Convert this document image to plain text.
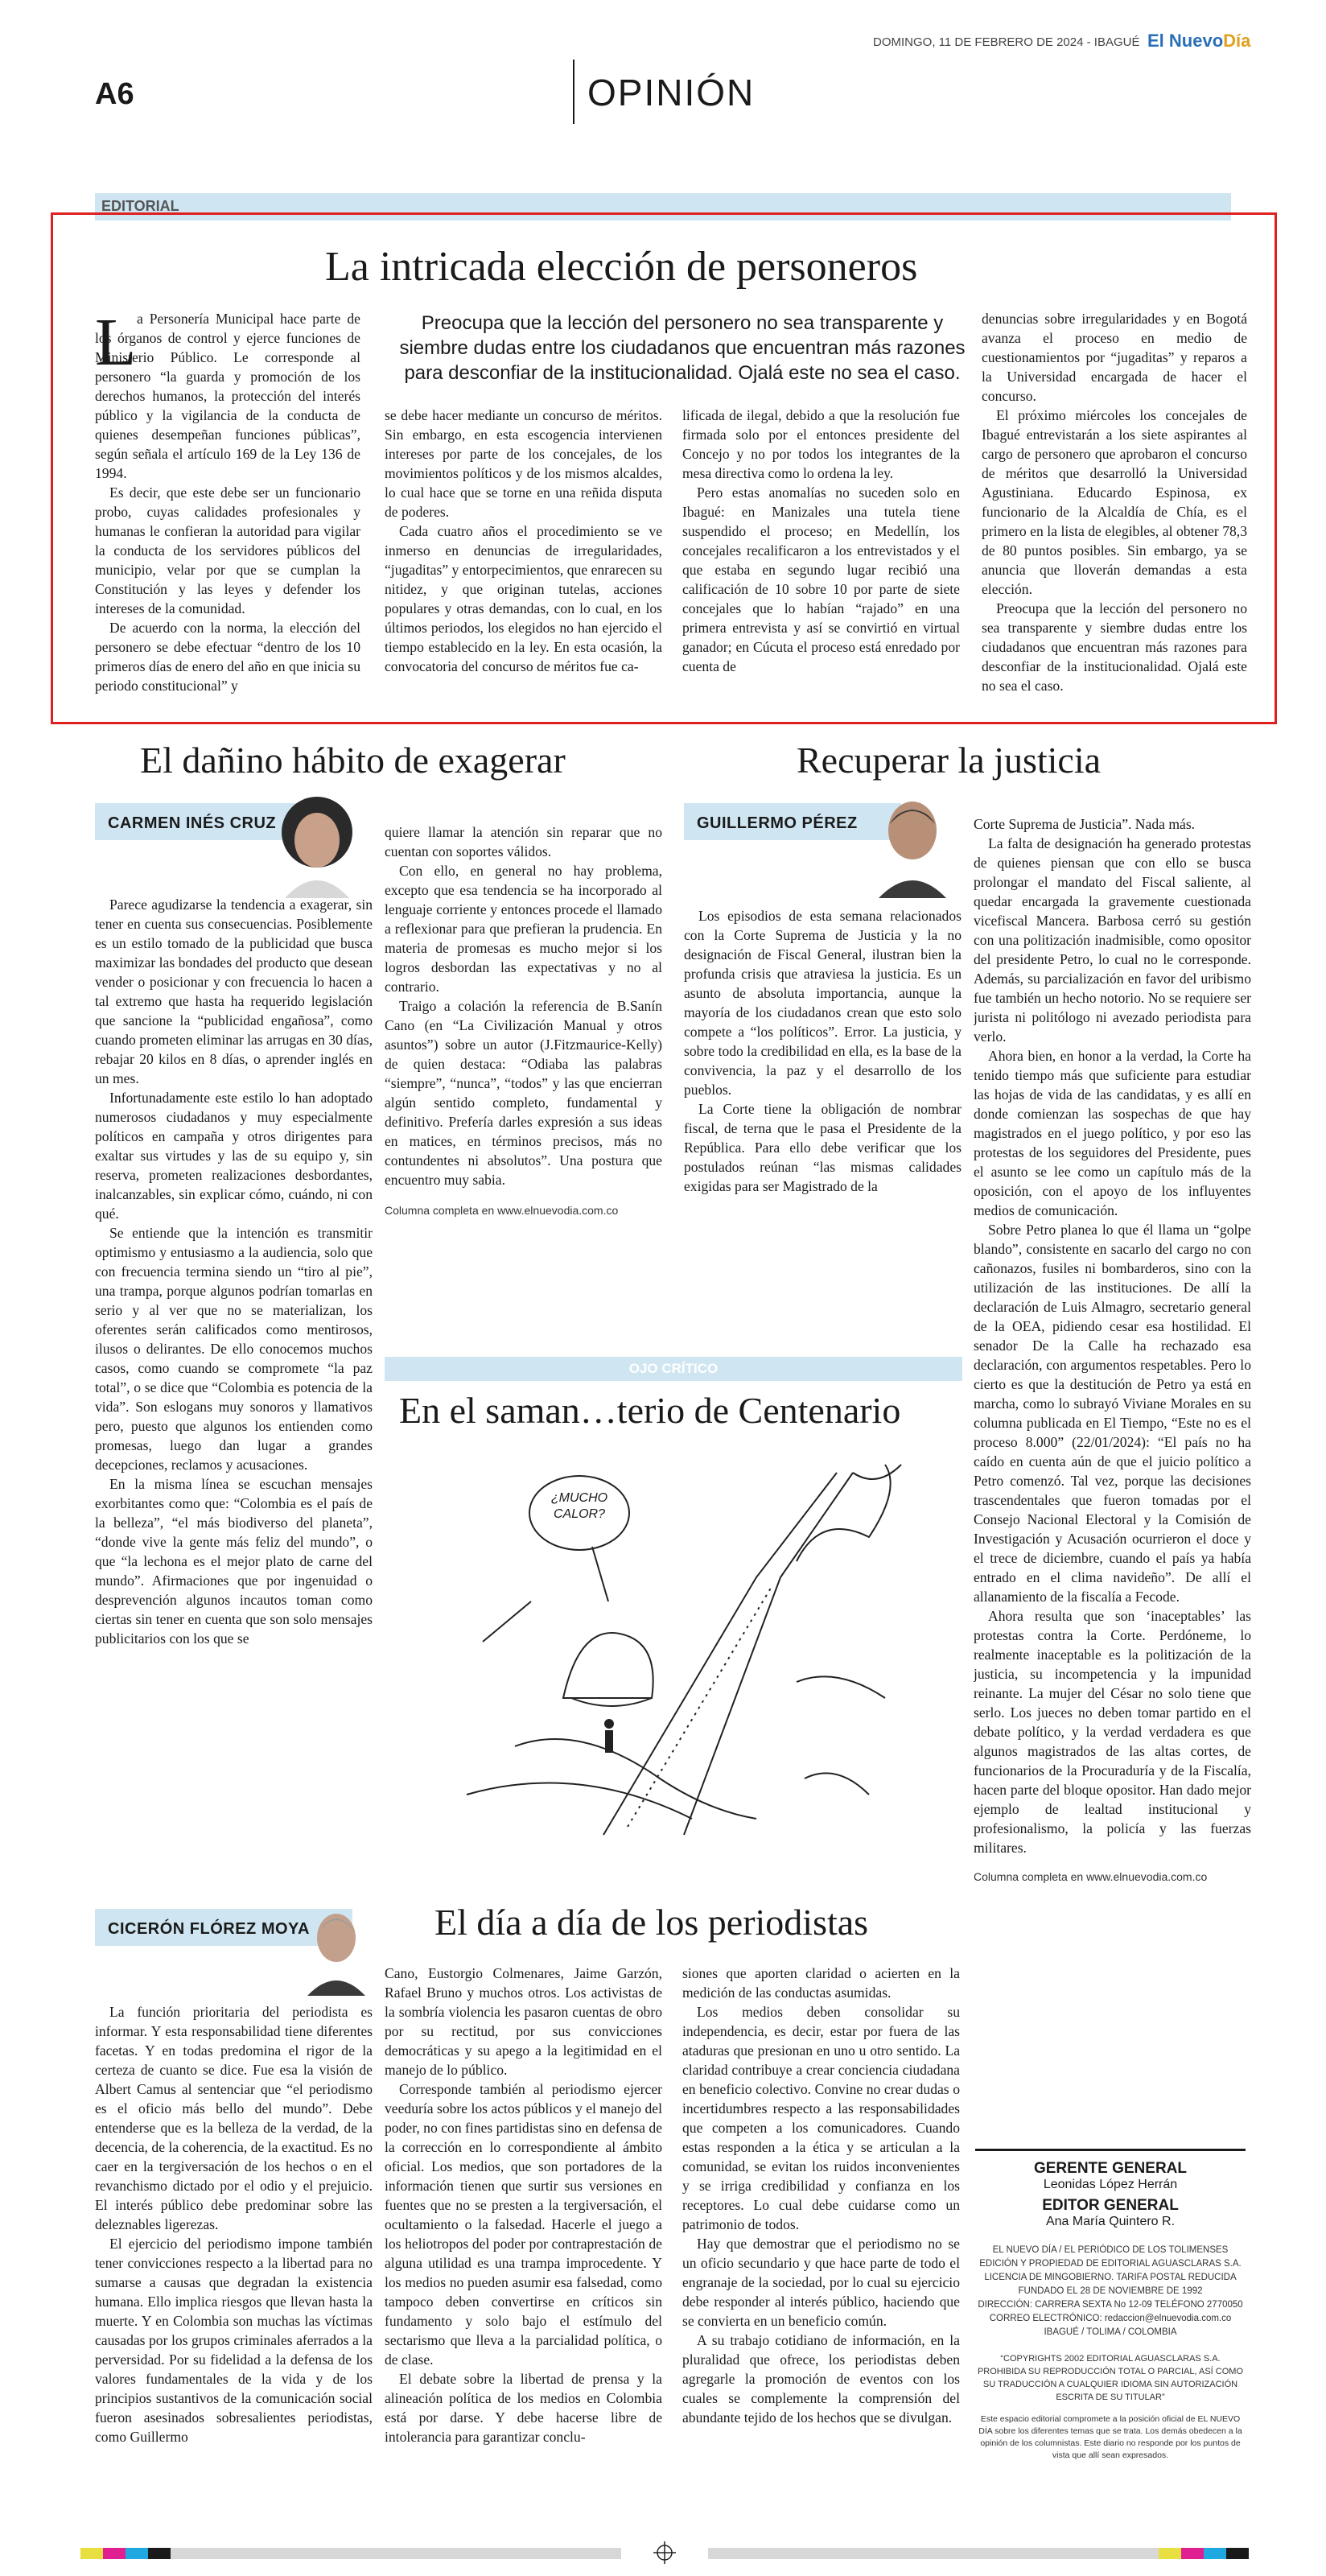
DOMINGO, 11 DE FEBRERO DE 2024 - IBAGUÉ El NuevoDía
A6	OPINIÓN
EDITORIAL
La intricada elección de personeros
L a Personería Municipal hace parte de los órganos de control y ejerce funciones de Ministerio Público. Le corresponde al personero “la guarda y promoción de los derechos humanos, la protección del interés público y la vigilancia de la conducta de quienes desempeñan funciones públicas”, según señala el artículo 169 de la Ley 136 de 1994.

Es decir, que este debe ser un funcionario probo, cuyas calidades profesionales y humanas le confieran la autoridad para vigilar la conducta de los servidores públicos del municipio, velar por que se cumplan la Constitución y las leyes y defender los intereses de la comunidad.

De acuerdo con la norma, la elección del personero se debe efectuar “dentro de los 10 primeros días de enero del año en que inicia su periodo constitucional” y

Preocupa que la lección del personero no sea transparente y siembre dudas entre los ciudadanos que encuentran más razones para desconfiar de la institucionalidad. Ojalá este no sea el caso.

se debe hacer mediante un concurso de méritos. Sin embargo, en esta escogencia intervienen intereses por parte de los concejales, de los movimientos políticos y de los mismos alcaldes, lo cual hace que se torne en una reñida disputa de poderes.

Cada cuatro años el procedimiento se ve inmerso en denuncias de irregularidades, “jugaditas” y entorpecimientos, que enrarecen su nitidez, y que originan tutelas, acciones populares y otras demandas, con lo cual, en los últimos periodos, los elegidos no han ejercido el tiempo establecido en la ley. En esta ocasión, la convocatoria del concurso de méritos fue ca-

lificada de ilegal, debido a que la resolución fue firmada solo por el entonces presidente del Concejo y no por todos los integrantes de la mesa directiva como lo ordena la ley.

Pero estas anomalías no suceden solo en Ibagué: en Manizales una tutela tiene suspendido el proceso; en Medellín, los concejales recalificaron a los entrevistados y el que estaba en segundo lugar recibió una calificación de 10 sobre 10 por parte de siete concejales que lo habían “rajado” en una primera entrevista y así se convirtió en virtual ganador; en Cúcuta el proceso está enredado por cuenta de

denuncias sobre irregularidades y en Bogotá avanza el proceso en medio de cuestionamientos por “jugaditas” y reparos a la Universidad encargada de hacer el concurso.

El próximo miércoles los concejales de Ibagué entrevistarán a los siete aspirantes al cargo de personero que aprobaron el concurso de méritos que desarrolló la Universidad Agustiniana. Educardo Espinosa, ex funcionario de la Alcaldía de Chía, es el primero en la lista de elegibles, al obtener 78,3 de 80 puntos posibles. Sin embargo, ya se anuncia que lloverán demandas a esta elección.

Preocupa que la lección del personero no sea transparente y siembre dudas entre los ciudadanos que encuentran más razones para desconfiar de la institucionalidad. Ojalá este no sea el caso.

El dañino hábito de exagerar
CARMEN INÉS CRUZ

Parece agudizarse la tendencia a exagerar, sin tener en cuenta sus consecuencias. Posiblemente es un estilo tomado de la publicidad que busca maximizar las bondades del producto que desean vender o posicionar y con frecuencia lo hacen a tal extremo que hasta ha requerido legislación que sancione la “publicidad engañosa”, como cuando prometen eliminar las arrugas en 30 días, rebajar 20 kilos en 8 días, o aprender inglés en un mes.

Infortunadamente este estilo lo han adoptado numerosos ciudadanos y muy especialmente políticos en campaña y otros dirigentes para exaltar sus virtudes y las de su equipo y, sin reserva, prometen realizaciones desbordantes, inalcanzables, sin explicar cómo, cuándo, ni con qué.

Se entiende que la intención es transmitir optimismo y entusiasmo a la audiencia, solo que con frecuencia termina siendo un “tiro al pie”, una trampa, porque algunos podrían tomarlas en serio y al ver que no se materializan, los oferentes serán calificados como mentirosos, ilusos o delirantes. De ello conocemos muchos casos, como cuando se compromete “la paz total”, o se dice que “Colombia es potencia de la vida”. Son eslogans muy sonoros y llamativos pero, puesto que algunos los entienden como promesas, luego dan lugar a grandes decepciones, reclamos y acusaciones.

En la misma línea se escuchan mensajes exorbitantes como que: “Colombia es el país de la belleza”, “el más biodiverso del planeta”, “donde vive la gente más feliz del mundo”, o que “la lechona es el mejor plato de carne del mundo”. Afirmaciones que por ingenuidad o desprevención algunos incautos toman como ciertas sin tener en cuenta que son solo mensajes publicitarios con los que se

quiere llamar la atención sin reparar que no cuentan con soportes válidos.

Con ello, en general no hay problema, excepto que esa tendencia se ha incorporado al lenguaje corriente y entonces procede el llamado a reflexionar para que prefieran la prudencia. En materia de promesas es mucho mejor si los logros desbordan las expectativas y no al contrario.

Traigo a colación la referencia de B.Sanín Cano (en “La Civilización Manual y otros asuntos”) sobre un autor (J.Fitzmaurice-Kelly) de quien destaca: “Odiaba las palabras “siempre”, “nunca”, “todos” y las que encierran algún sentido completo, fundamental y definitivo. Prefería darles expresión a sus ideas en matices, en términos precisos, más no contundentes ni absolutos”. Una postura que encuentro muy sabia.

Columna completa en www.elnuevodia.com.co

Recuperar la justicia
GUILLERMO PÉREZ

Los episodios de esta semana relacionados con la Corte Suprema de Justicia y la no designación de Fiscal General, ilustran bien la profunda crisis que atraviesa la justicia. Es un asunto de absoluta importancia, aunque la mayoría de los ciudadanos crean que esto solo compete a “los políticos”. Error. La justicia, y sobre todo la credibilidad en ella, es la base de la convivencia, la paz y el desarrollo de los pueblos.

La Corte tiene la obligación de nombrar fiscal, de terna que le pasa el Presidente de la República. Para ello debe verificar que los postulados reúnan “las mismas calidades exigidas para ser Magistrado de la

Corte Suprema de Justicia”. Nada más.

La falta de designación ha generado protestas de quienes piensan que con ello se busca prolongar el mandato del Fiscal saliente, al quedar encargada la gravemente cuestionada vicefiscal Mancera. Barbosa cerró su gestión con una politización inadmisible, como opositor del presidente Petro, lo cual no le corresponde. Además, su parcialización en favor del uribismo fue también un hecho notorio. No se requiere ser jurista ni politólogo ni avezado periodista para verlo.

Ahora bien, en honor a la verdad, la Corte ha tenido tiempo más que suficiente para estudiar las hojas de vida de las candidatas, y es allí en donde comienzan las sospechas de que hay magistrados en el juego político, y por eso las protestas de los seguidores del Presidente, pues el asunto se lee como un capítulo más de la oposición, con el apoyo de los influyentes medios de comunicación.

Sobre Petro planea lo que él llama un “golpe blando”, consistente en sacarlo del cargo no con cañonazos, fusiles ni bombarderos, sino con la utilización de las instituciones. De allí la declaración de Luis Almagro, secretario general de la OEA, pidiendo cesar esa hostilidad. El senador De la Calle ha rechazado esa declaración, con argumentos respetables. Pero lo cierto es que la destitución de Petro ya está en marcha, como lo subrayó Viviane Morales en su columna publicada en El Tiempo, “Este no es el proceso 8.000” (22/01/2024): “El país no ha caído en cuenta aún de que el juicio político a Petro comenzó. Tal vez, porque las decisiones trascendentales que fueron tomadas por el Consejo Nacional Electoral y la Comisión de Investigación y Acusación ocurrieron el doce y el trece de diciembre, cuando el país ya había entrado en el clima navideño”. De allí el allanamiento de la fiscalía a Fecode.

Ahora resulta que son ‘inaceptables’ las protestas contra la Corte. Perdóneme, lo realmente inaceptable es la politización de la justicia, su incompetencia y la impunidad reinante. La mujer del César no solo tiene que serlo. Los jueces no deben tomar partido en el debate político, y la verdad verdadera es que algunos magistrados de las altas cortes, de funcionarios de la Procuraduría y de la Fiscalía, hacen parte del bloque opositor. Han dado mejor ejemplo de lealtad institucional y profesionalismo, la policía y las fuerzas militares.

Columna completa en www.elnuevodia.com.co

OJO CRÍTICO
En el saman…terio de Centenario
¿MUCHO
CALOR?
El día a día de los periodistas
CICERÓN FLÓREZ MOYA

La función prioritaria del periodista es informar. Y esta responsabilidad tiene diferentes facetas. Y en todas predomina el rigor de la certeza de cuanto se dice. Fue esa la visión de Albert Camus al sentenciar que “el periodismo es el oficio más bello del mundo”. Debe entenderse que es la belleza de la verdad, de la decencia, de la coherencia, de la exactitud. Es no caer en la tergiversación de los hechos o en el revanchismo dictado por el odio y el prejuicio. El interés público debe predominar sobre las deleznables ligerezas.

El ejercicio del periodismo impone también tener convicciones respecto a la libertad para no sumarse a causas que degradan la existencia humana. Ello implica riesgos que llevan hasta la muerte. Y en Colombia son muchas las víctimas causadas por los grupos criminales aferrados a la perversidad. Por su fidelidad a la defensa de los valores fundamentales de la vida y de los principios sustantivos de la comunicación social fueron asesinados sobresalientes periodistas, como Guillermo

Cano, Eustorgio Colmenares, Jaime Garzón, Rafael Bruno y muchos otros. Los activistas de la sombría violencia les pasaron cuentas de obro por su rectitud, por sus convicciones democráticas y su apego a la legitimidad en el manejo de lo público.

Corresponde también al periodismo ejercer veeduría sobre los actos públicos y el manejo del poder, no con fines partidistas sino en defensa de la corrección en lo correspondiente al ámbito oficial. Los medios, que son portadores de la información tienen que surtir sus versiones en fuentes que no se presten a la tergiversación, el ocultamiento o la falsedad. Hacerle el juego a los heliotropos del poder por contraprestación de alguna utilidad es una trampa improcedente. Y los medios no pueden asumir esa falsedad, como tampoco deben convertirse en críticos sin fundamento y solo bajo el estímulo del sectarismo que lleva a la parcialidad política, o de clase.

El debate sobre la libertad de prensa y la alineación política de los medios en Colombia está por darse. Y debe hacerse libre de intolerancia para garantizar conclu-

siones que aporten claridad o acierten en la medición de las conductas asumidas.

Los medios deben consolidar su independencia, es decir, estar por fuera de las ataduras que presionan en uno u otro sentido. La claridad contribuye a crear conciencia ciudadana en beneficio colectivo. Convine no crear dudas o incertidumbres respecto a las responsabilidades que competen a los comunicadores. Cuando estas responden a la ética y se articulan a la comunidad, se evitan los ruidos inconvenientes y se irriga credibilidad y confianza en los receptores. Lo cual debe cuidarse como un patrimonio de todos.

Hay que demostrar que el periodismo no se un oficio secundario y que hace parte de todo el engranaje de la sociedad, por lo cual su ejercicio debe responder al interés público, haciendo que se convierta en un beneficio común.

A su trabajo cotidiano de información, en la pluralidad que ofrece, los periodistas deben agregarle la promoción de eventos con los cuales se complemente la comprensión del abundante tejido de los hechos que se divulgan.

GERENTE GENERAL
Leonidas López Herrán
EDITOR GENERAL
Ana María Quintero R.
EL NUEVO DÍA / EL PERIÓDICO DE LOS TOLIMENSES
EDICIÓN Y PROPIEDAD DE EDITORIAL AGUASCLARAS S.A.
LICENCIA DE MINGOBIERNO. TARIFA POSTAL REDUCIDA
FUNDADO EL 28 DE NOVIEMBRE DE 1992
DIRECCIÓN: CARRERA SEXTA No 12-09 TELÉFONO 2770050
CORREO ELECTRÓNICO: redaccion@elnuevodia.com.co
IBAGUÉ / TOLIMA / COLOMBIA
“COPYRIGHTS 2002 EDITORIAL AGUASCLARAS S.A. PROHIBIDA SU REPRODUCCIÓN TOTAL O PARCIAL, ASÍ COMO SU TRADUCCIÓN A CUALQUIER IDIOMA SIN AUTORIZACIÓN ESCRITA DE SU TITULAR”
Este espacio editorial compromete a la posición oficial de EL NUEVO DÍA sobre los diferentes temas que se trata. Los demás obedecen a la opinión de los columnistas. Este diario no responde por los puntos de vista que allí sean expresados.
